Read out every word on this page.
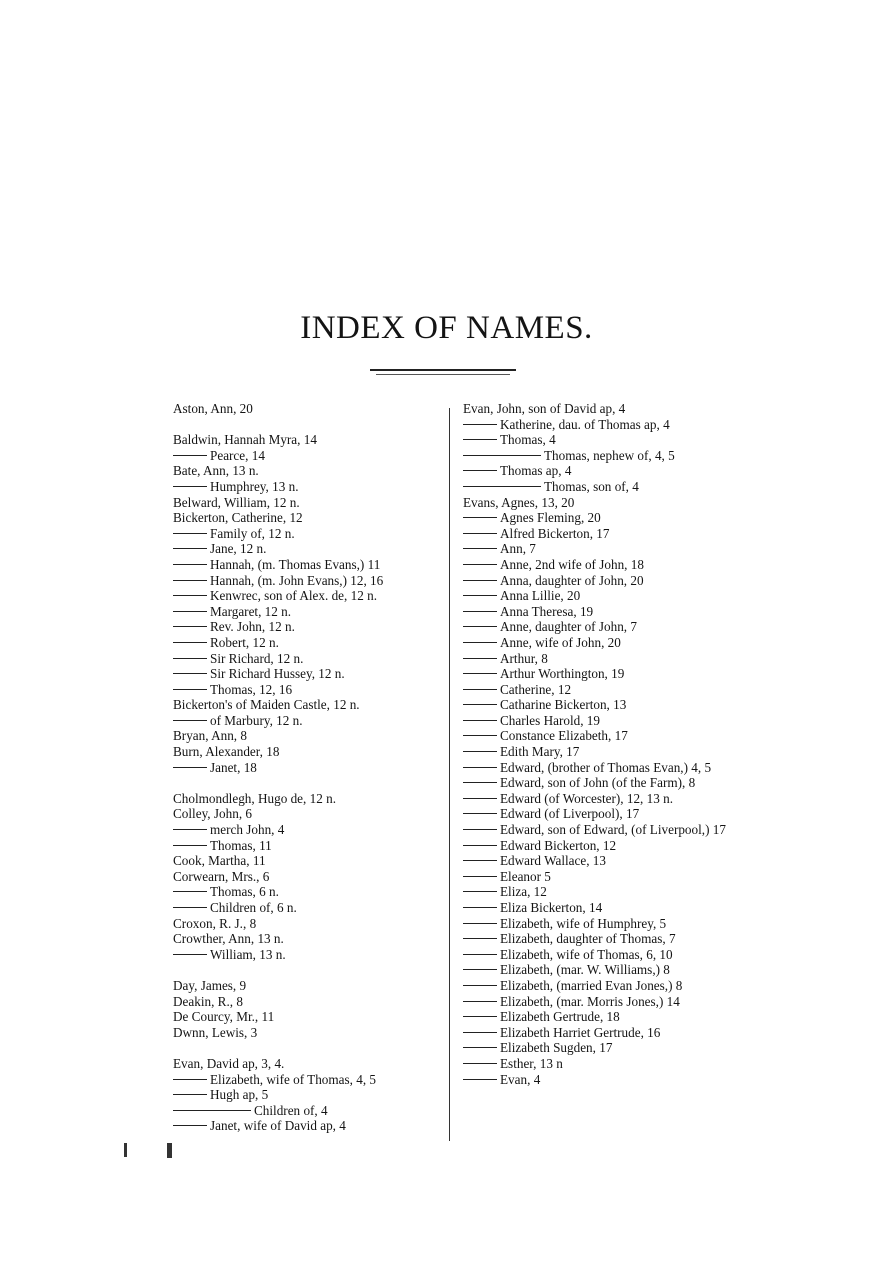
INDEX OF NAMES.
Aston, Ann, 20
Baldwin, Hannah Myra, 14
Pearce, 14
Bate, Ann, 13 n.
Humphrey, 13 n.
Belward, William, 12 n.
Bickerton, Catherine, 12
Family of, 12 n.
Jane, 12 n.
Hannah, (m. Thomas Evans,) 11
Hannah, (m. John Evans,) 12, 16
Kenwrec, son of Alex. de, 12 n.
Margaret, 12 n.
Rev. John, 12 n.
Robert, 12 n.
Sir Richard, 12 n.
Sir Richard Hussey, 12 n.
Thomas, 12, 16
Bickerton's of Maiden Castle, 12 n.
of Marbury, 12 n.
Bryan, Ann, 8
Burn, Alexander, 18
Janet, 18
Cholmondlegh, Hugo de, 12 n.
Colley, John, 6
merch John, 4
Thomas, 11
Cook, Martha, 11
Corwearn, Mrs., 6
Thomas, 6 n.
Children of, 6 n.
Croxon, R. J., 8
Crowther, Ann, 13 n.
William, 13 n.
Day, James, 9
Deakin, R., 8
De Courcy, Mr., 11
Dwnn, Lewis, 3
Evan, David ap, 3, 4.
Elizabeth, wife of Thomas, 4, 5
Hugh ap, 5
Children of, 4
Janet, wife of David ap, 4
Evan, John, son of David ap, 4
Katherine, dau. of Thomas ap, 4
Thomas, 4
Thomas, nephew of, 4, 5
Thomas ap, 4
Thomas, son of, 4
Evans, Agnes, 13, 20
Agnes Fleming, 20
Alfred Bickerton, 17
Ann, 7
Anne, 2nd wife of John, 18
Anna, daughter of John, 20
Anna Lillie, 20
Anna Theresa, 19
Anne, daughter of John, 7
Anne, wife of John, 20
Arthur, 8
Arthur Worthington, 19
Catherine, 12
Catharine Bickerton, 13
Charles Harold, 19
Constance Elizabeth, 17
Edith Mary, 17
Edward, (brother of Thomas Evan,) 4, 5
Edward, son of John (of the Farm), 8
Edward (of Worcester), 12, 13 n.
Edward (of Liverpool), 17
Edward, son of Edward, (of Liverpool,) 17
Edward Bickerton, 12
Edward Wallace, 13
Eleanor 5
Eliza, 12
Eliza Bickerton, 14
Elizabeth, wife of Humphrey, 5
Elizabeth, daughter of Thomas, 7
Elizabeth, wife of Thomas, 6, 10
Elizabeth, (mar. W. Williams,) 8
Elizabeth, (married Evan Jones,) 8
Elizabeth, (mar. Morris Jones,) 14
Elizabeth Gertrude, 18
Elizabeth Harriet Gertrude, 16
Elizabeth Sugden, 17
Esther, 13 n
Evan, 4
